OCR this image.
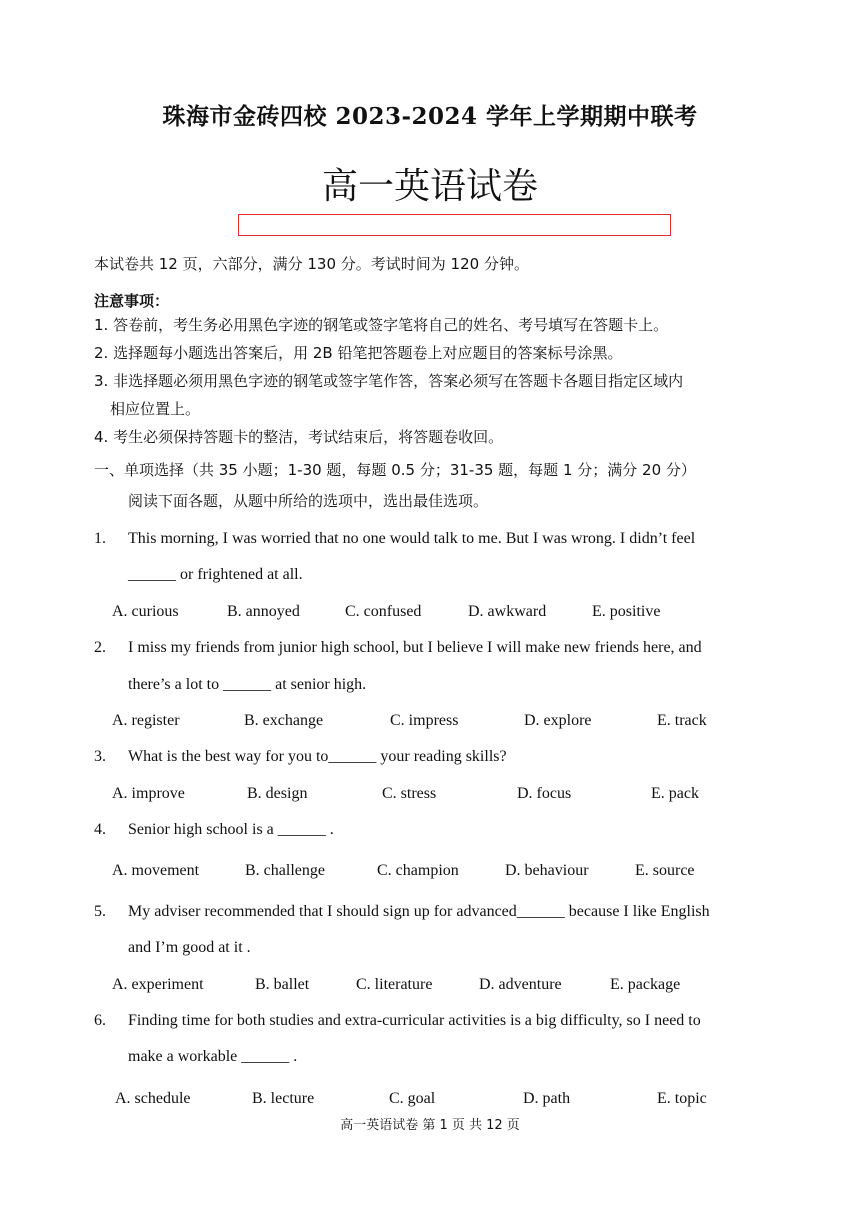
珠海市金砖四校 2023-2024 学年上学期期中联考
高一英语试卷
本试卷共 12 页，六部分，满分 130 分。考试时间为 120 分钟。
注意事项：
1. 答卷前，考生务必用黑色字迹的钢笔或签字笔将自己的姓名、考号填写在答题卡上。
2. 选择题每小题选出答案后，用 2B 铅笔把答题卷上对应题目的答案标号涂黑。
3. 非选择题必须用黑色字迹的钢笔或签字笔作答，答案必须写在答题卡各题目指定区域内
相应位置上。
4. 考生必须保持答题卡的整洁，考试结束后，将答题卷收回。
一、单项选择（共 35 小题；1-30 题，每题 0.5 分；31-35 题，每题 1 分；满分 20 分）
阅读下面各题，从题中所给的选项中，选出最佳选项。
1. This morning, I was worried that no one would talk to me. But I was wrong. I didn’t feel
______ or frightened at all.
A. curious	B. annoyed	C. confused	D. awkward	E. positive
2. I miss my friends from junior high school, but I believe I will make new friends here, and
there’s a lot to ______ at senior high.
A. register	B. exchange	C. impress	D. explore	E. track
3. What is the best way for you to______ your reading skills?
A. improve	B. design	C. stress	D. focus	E. pack
4. Senior high school is a ______ .
A. movement	B. challenge	C. champion	D. behaviour	E. source
5. My adviser recommended that I should sign up for advanced______ because I like English
and I’m good at it .
A. experiment	B. ballet	C. literature	D. adventure	E. package
6. Finding time for both studies and extra-curricular activities is a big difficulty, so I need to
make a workable ______ .
A. schedule	B. lecture	C. goal	D. path	E. topic
高一英语试卷 第 1 页 共 12 页
